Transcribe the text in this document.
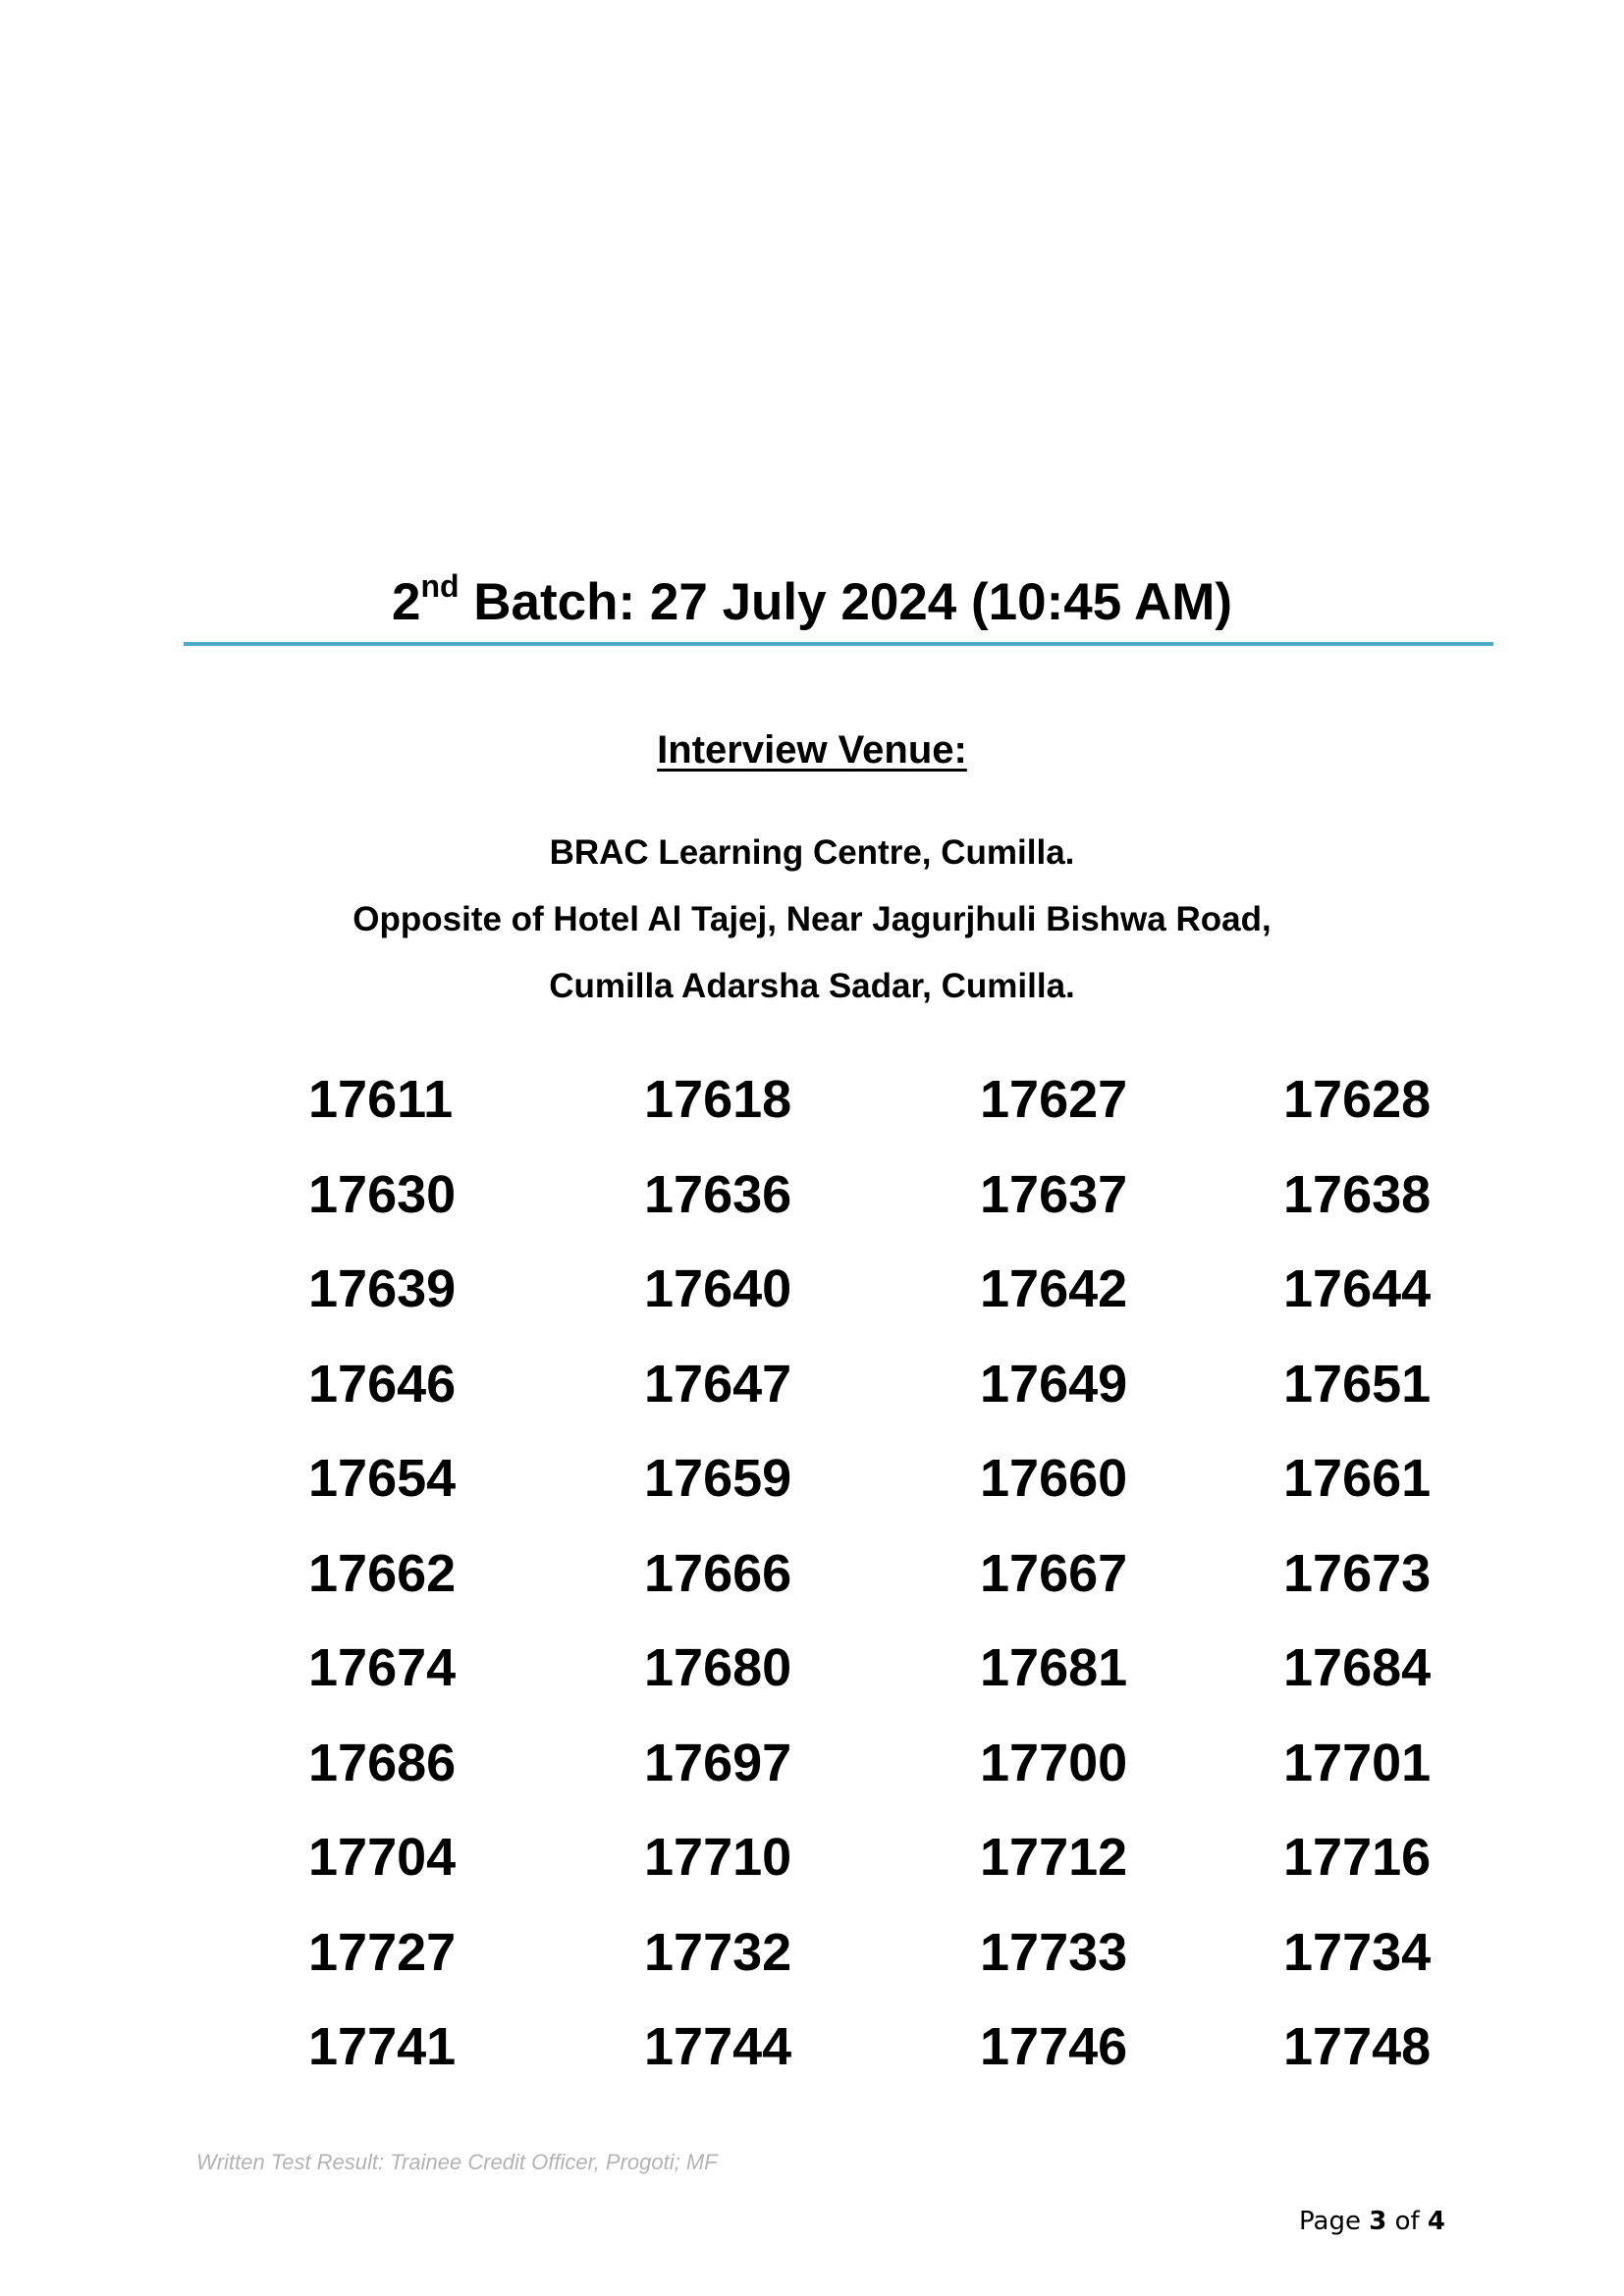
2nd Batch: 27 July 2024 (10:45 AM)
Interview Venue:
BRAC Learning Centre, Cumilla.
Opposite of Hotel Al Tajej, Near Jagurjhuli Bishwa Road,
Cumilla Adarsha Sadar, Cumilla.
17611	17618	17627	17628
17630	17636	17637	17638
17639	17640	17642	17644
17646	17647	17649	17651
17654	17659	17660	17661
17662	17666	17667	17673
17674	17680	17681	17684
17686	17697	17700	17701
17704	17710	17712	17716
17727	17732	17733	17734
17741	17744	17746	17748
Written Test Result: Trainee Credit Officer, Progoti; MF
Page 3 of 4
